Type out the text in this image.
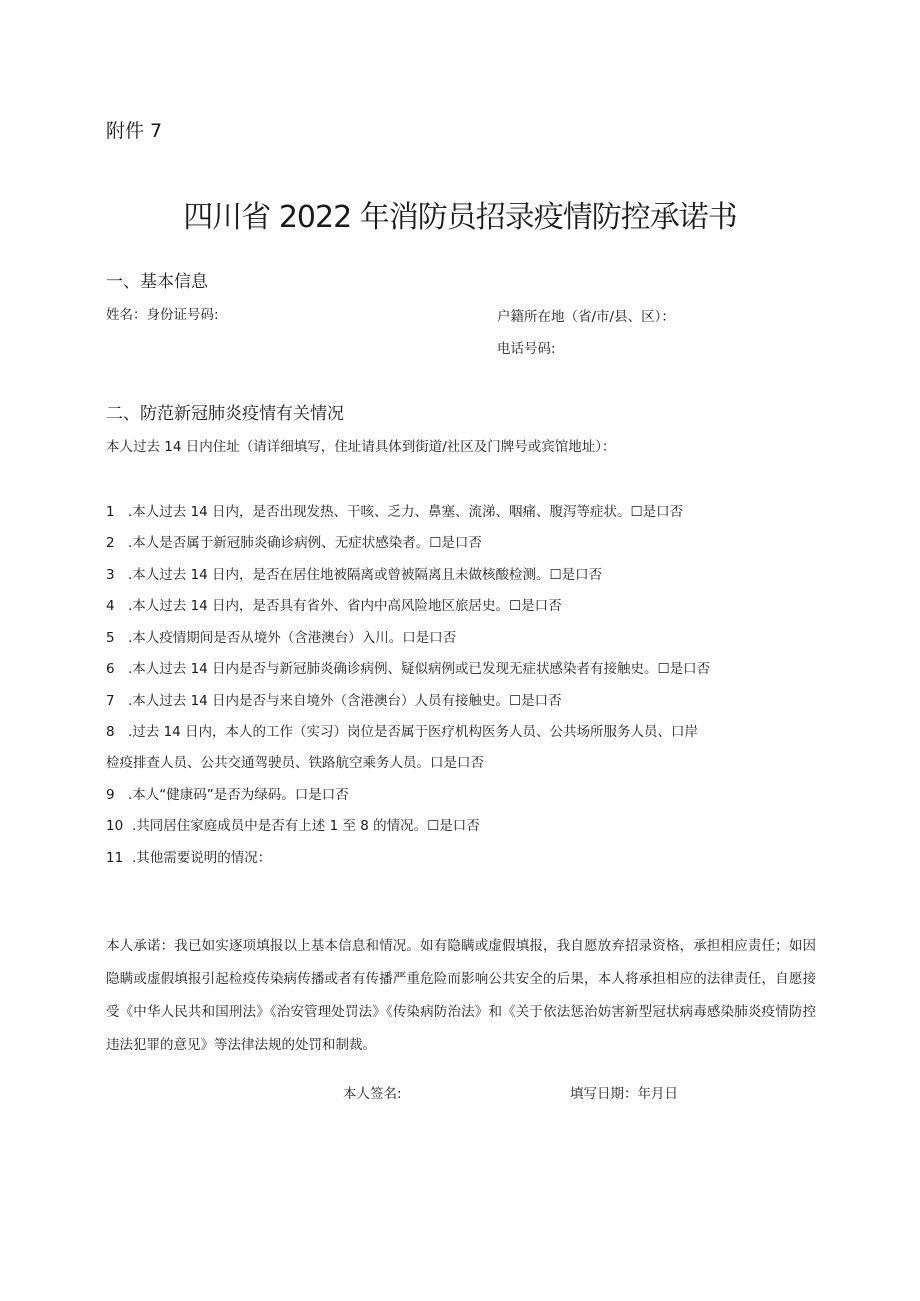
附件 7
四川省 2022 年消防员招录疫情防控承诺书
一、基本信息
姓名：身份证号码:	户籍所在地（省/市/县、区）：
电话号码:
二、防范新冠肺炎疫情有关情况
本人过去 14 日内住址（请详细填写，住址请具体到街道/社区及门牌号或宾馆地址）：
1 .本人过去 14 日内，是否出现发热、干咳、乏力、鼻塞、流涕、咽痛、腹泻等症状。☐是口否
2 .本人是否属于新冠肺炎确诊病例、无症状感染者。☐是口否
3 .本人过去 14 日内，是否在居住地被隔离或曾被隔离且未做核酸检测。☐是口否
4 .本人过去 14 日内，是否具有省外、省内中高风险地区旅居史。☐是口否
5 .本人疫情期间是否从境外（含港澳台）入川。口是口否
6 .本人过去 14 日内是否与新冠肺炎确诊病例、疑似病例或已发现无症状感染者有接触史。☐是口否
7 .本人过去 14 日内是否与来自境外（含港澳台）人员有接触史。☐是口否
8 .过去 14 日内，本人的工作（实习）岗位是否属于医疗机构医务人员、公共场所服务人员、口岸
检疫排查人员、公共交通驾驶员、铁路航空乘务人员。口是口否
9 .本人“健康码”是否为绿码。口是口否
10 .共同居住家庭成员中是否有上述 1 至 8 的情况。☐是口否
11 .其他需要说明的情况：
本人承诺：我已如实逐项填报以上基本信息和情况。如有隐瞒或虚假填报，我自愿放弃招录资格，承担相应责任；如因隐瞒或虚假填报引起检疫传染病传播或者有传播严重危险而影响公共安全的后果，本人将承担相应的法律责任，自愿接受《中华人民共和国刑法》《治安管理处罚法》《传染病防治法》和《关于依法惩治妨害新型冠状病毒感染肺炎疫情防控违法犯罪的意见》等法律法规的处罚和制裁。
本人签名:	填写日期：年月日
